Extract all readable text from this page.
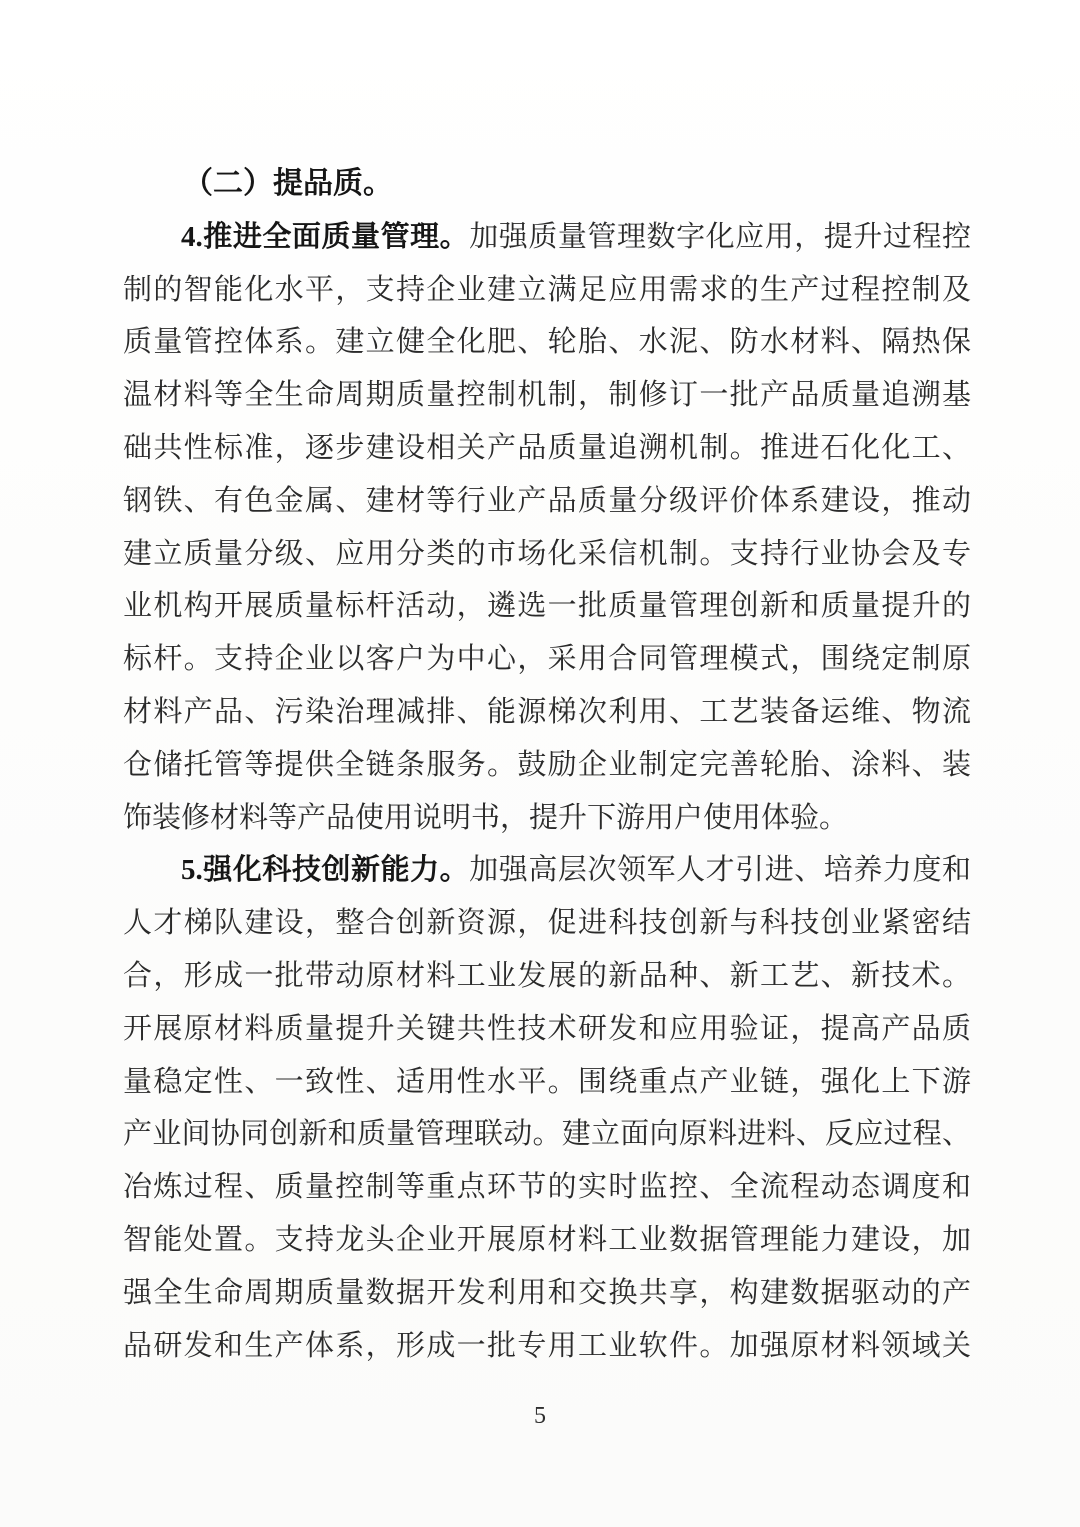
（二）提品质。
4.推进全面质量管理。加强质量管理数字化应用，提升过程控
制的智能化水平，支持企业建立满足应用需求的生产过程控制及
质量管控体系。建立健全化肥、轮胎、水泥、防水材料、隔热保
温材料等全生命周期质量控制机制，制修订一批产品质量追溯基
础共性标准，逐步建设相关产品质量追溯机制。推进石化化工、
钢铁、有色金属、建材等行业产品质量分级评价体系建设，推动
建立质量分级、应用分类的市场化采信机制。支持行业协会及专
业机构开展质量标杆活动，遴选一批质量管理创新和质量提升的
标杆。支持企业以客户为中心，采用合同管理模式，围绕定制原
材料产品、污染治理减排、能源梯次利用、工艺装备运维、物流
仓储托管等提供全链条服务。鼓励企业制定完善轮胎、涂料、装
饰装修材料等产品使用说明书，提升下游用户使用体验。
5.强化科技创新能力。加强高层次领军人才引进、培养力度和
人才梯队建设，整合创新资源，促进科技创新与科技创业紧密结
合，形成一批带动原材料工业发展的新品种、新工艺、新技术。
开展原材料质量提升关键共性技术研发和应用验证，提高产品质
量稳定性、一致性、适用性水平。围绕重点产业链，强化上下游
产业间协同创新和质量管理联动。建立面向原料进料、反应过程、
冶炼过程、质量控制等重点环节的实时监控、全流程动态调度和
智能处置。支持龙头企业开展原材料工业数据管理能力建设，加
强全生命周期质量数据开发利用和交换共享，构建数据驱动的产
品研发和生产体系，形成一批专用工业软件。加强原材料领域关
5
